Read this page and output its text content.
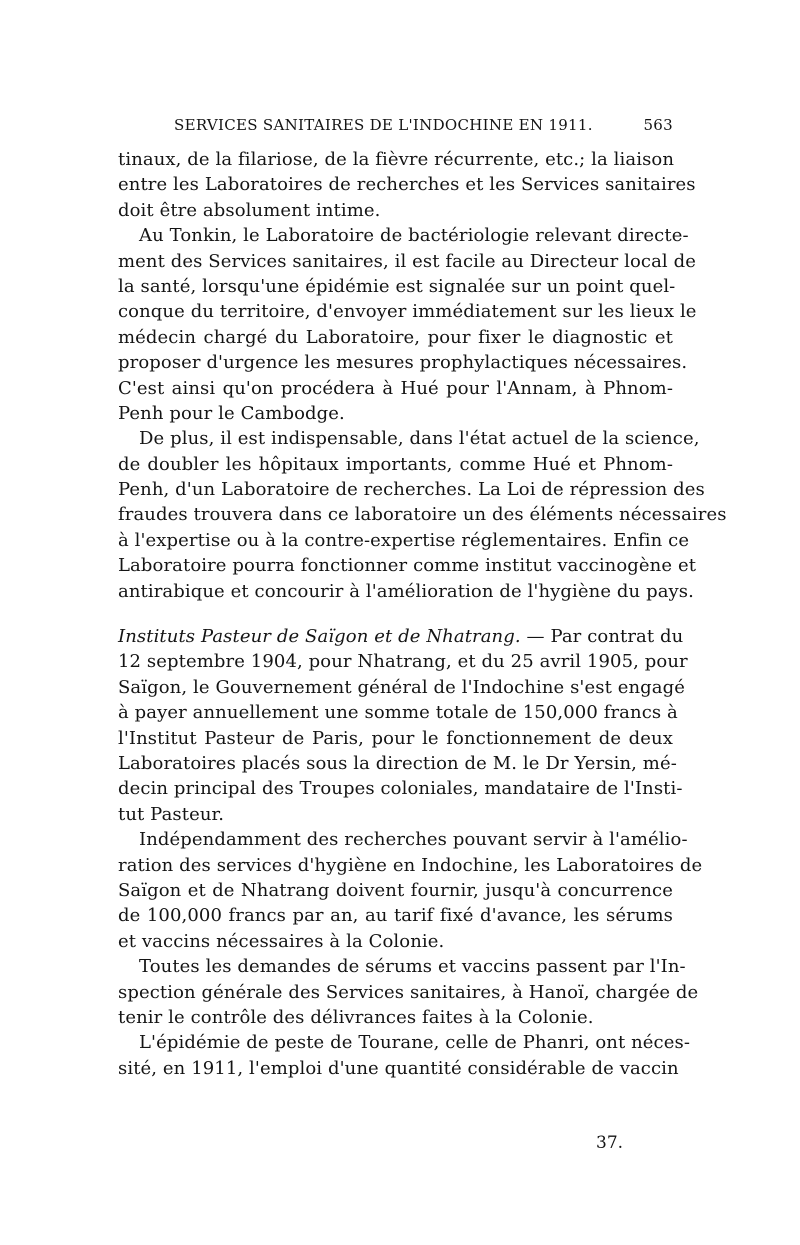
SERVICES SANITAIRES DE L'INDOCHINE EN 1911.	563
tinaux, de la filariose, de la fièvre récurrente, etc.; la liaison
entre les Laboratoires de recherches et les Services sanitaires
doit être absolument intime.
Au Tonkin, le Laboratoire de bactériologie relevant directe-
ment des Services sanitaires, il est facile au Directeur local de
la santé, lorsqu'une épidémie est signalée sur un point quel-
conque du territoire, d'envoyer immédiatement sur les lieux le
médecin chargé du Laboratoire, pour fixer le diagnostic et
proposer d'urgence les mesures prophylactiques nécessaires.
C'est ainsi qu'on procédera à Hué pour l'Annam, à Phnom-
Penh pour le Cambodge.
De plus, il est indispensable, dans l'état actuel de la science,
de doubler les hôpitaux importants, comme Hué et Phnom-
Penh, d'un Laboratoire de recherches. La Loi de répression des
fraudes trouvera dans ce laboratoire un des éléments nécessaires
à l'expertise ou à la contre-expertise réglementaires. Enfin ce
Laboratoire pourra fonctionner comme institut vaccinogène et
antirabique et concourir à l'amélioration de l'hygiène du pays.
Instituts Pasteur de Saïgon et de Nhatrang. — Par contrat du
12 septembre 1904, pour Nhatrang, et du 25 avril 1905, pour
Saïgon, le Gouvernement général de l'Indochine s'est engagé
à payer annuellement une somme totale de 150,000 francs à
l'Institut Pasteur de Paris, pour le fonctionnement de deux
Laboratoires placés sous la direction de M. le Dr Yersin, mé-
decin principal des Troupes coloniales, mandataire de l'Insti-
tut Pasteur.
Indépendamment des recherches pouvant servir à l'amélio-
ration des services d'hygiène en Indochine, les Laboratoires de
Saïgon et de Nhatrang doivent fournir, jusqu'à concurrence
de 100,000 francs par an, au tarif fixé d'avance, les sérums
et vaccins nécessaires à la Colonie.
Toutes les demandes de sérums et vaccins passent par l'In-
spection générale des Services sanitaires, à Hanoï, chargée de
tenir le contrôle des délivrances faites à la Colonie.
L'épidémie de peste de Tourane, celle de Phanri, ont néces-
sité, en 1911, l'emploi d'une quantité considérable de vaccin
37.
